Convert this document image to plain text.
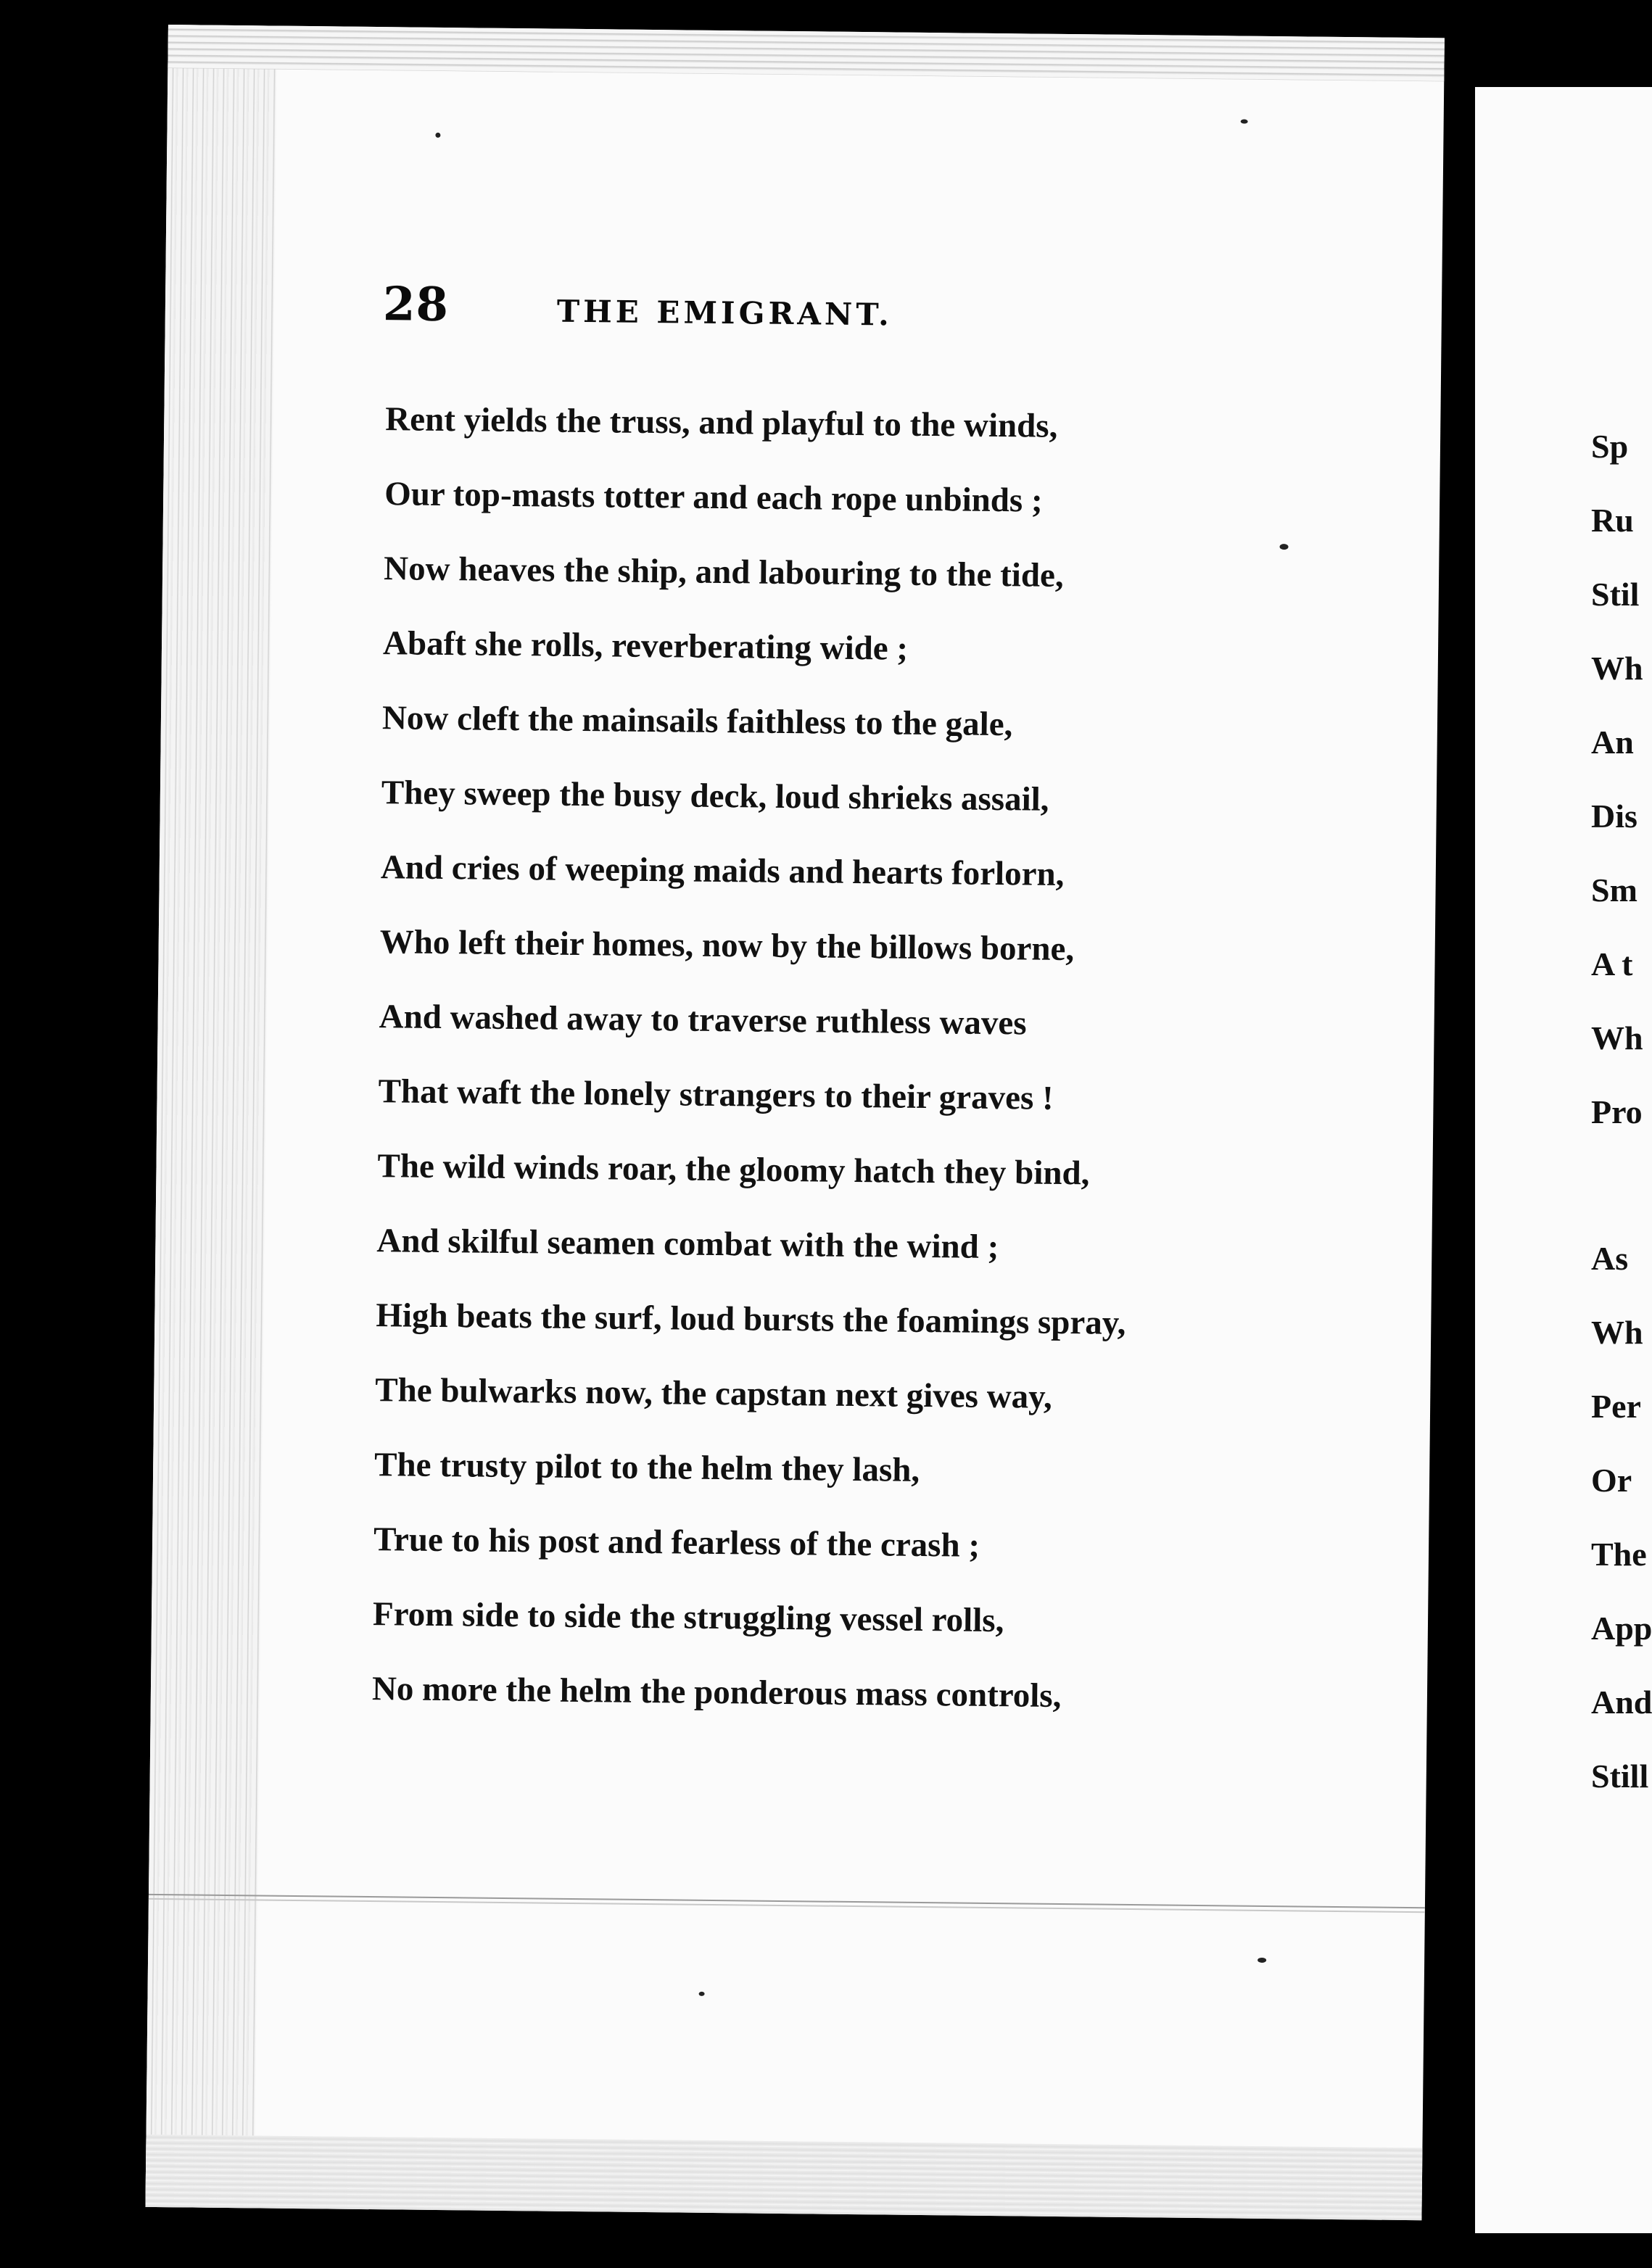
28	THE EMIGRANT.
Rent yields the truss, and playful to the winds,
Our top-masts totter and each rope unbinds ;
Now heaves the ship, and labouring to the tide,
Abaft she rolls, reverberating wide ;
Now cleft the mainsails faithless to the gale,
They sweep the busy deck, loud shrieks assail,
And cries of weeping maids and hearts forlorn,
Who left their homes, now by the billows borne,
And washed away to traverse ruthless waves
That waft the lonely strangers to their graves !
The wild winds roar, the gloomy hatch they bind,
And skilful seamen combat with the wind ;
High beats the surf, loud bursts the foamings spray,
The bulwarks now, the capstan next gives way,
The trusty pilot to the helm they lash,
True to his post and fearless of the crash ;
From side to side the struggling vessel rolls,
No more the helm the ponderous mass controls,
Sp
Ru
Stil
Wh
An
Dis
Sm
A t
Wh
Pro
As
Wh
Per
Or
The
App
And
Still
